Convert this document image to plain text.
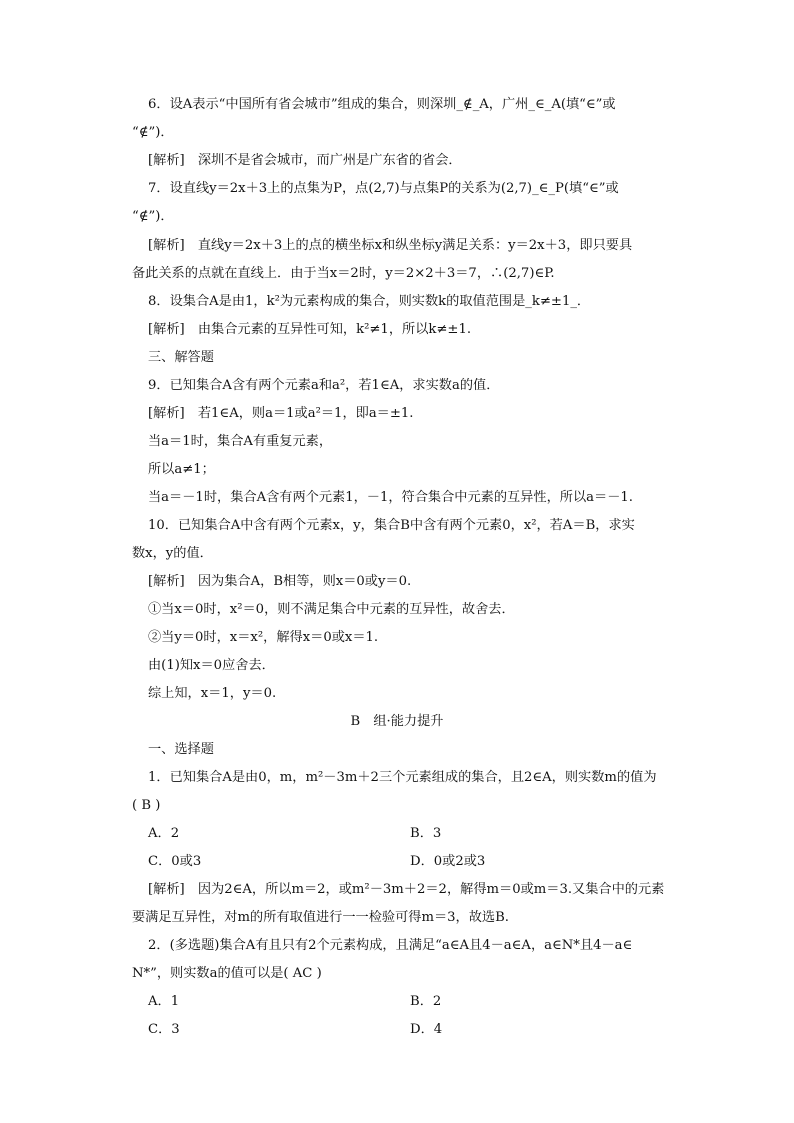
6．设A表示“中国所有省会城市”组成的集合，则深圳_∉_A，广州_∈_A(填“∈”或
“∉”)．
[解析]　深圳不是省会城市，而广州是广东省的省会．
7．设直线y＝2x＋3上的点集为P，点(2,7)与点集P的关系为(2,7)_∈_P(填“∈”或
“∉”)．
[解析]　直线y＝2x＋3上的点的横坐标x和纵坐标y满足关系：y＝2x＋3，即只要具
备此关系的点就在直线上．由于当x＝2时，y＝2×2＋3＝7，∴(2,7)∈P.
8．设集合A是由1，k²为元素构成的集合，则实数k的取值范围是_k≠±1_．
[解析]　由集合元素的互异性可知，k²≠1，所以k≠±1.
三、解答题
9．已知集合A含有两个元素a和a²，若1∈A，求实数a的值．
[解析]　若1∈A，则a＝1或a²＝1，即a＝±1.
当a＝1时，集合A有重复元素，
所以a≠1；
当a＝－1时，集合A含有两个元素1，－1，符合集合中元素的互异性，所以a＝－1.
10．已知集合A中含有两个元素x，y，集合B中含有两个元素0，x²，若A＝B，求实
数x，y的值．
[解析]　因为集合A，B相等，则x＝0或y＝0.
①当x＝0时，x²＝0，则不满足集合中元素的互异性，故舍去．
②当y＝0时，x＝x²，解得x＝0或x＝1.
由(1)知x＝0应舍去．
综上知，x＝1，y＝0.
B　组·能力提升
一、选择题
1．已知集合A是由0，m，m²－3m＋2三个元素组成的集合，且2∈A，则实数m的值为
( B )
A．2	B．3
C．0或3	D．0或2或3
[解析]　因为2∈A，所以m＝2，或m²－3m＋2＝2，解得m＝0或m＝3.又集合中的元素
要满足互异性，对m的所有取值进行一一检验可得m＝3，故选B.
2．(多选题)集合A有且只有2个元素构成，且满足“a∈A且4－a∈A，a∈N*且4－a∈
N*”，则实数a的值可以是( AC )
A．1	B．2
C．3	D．4
